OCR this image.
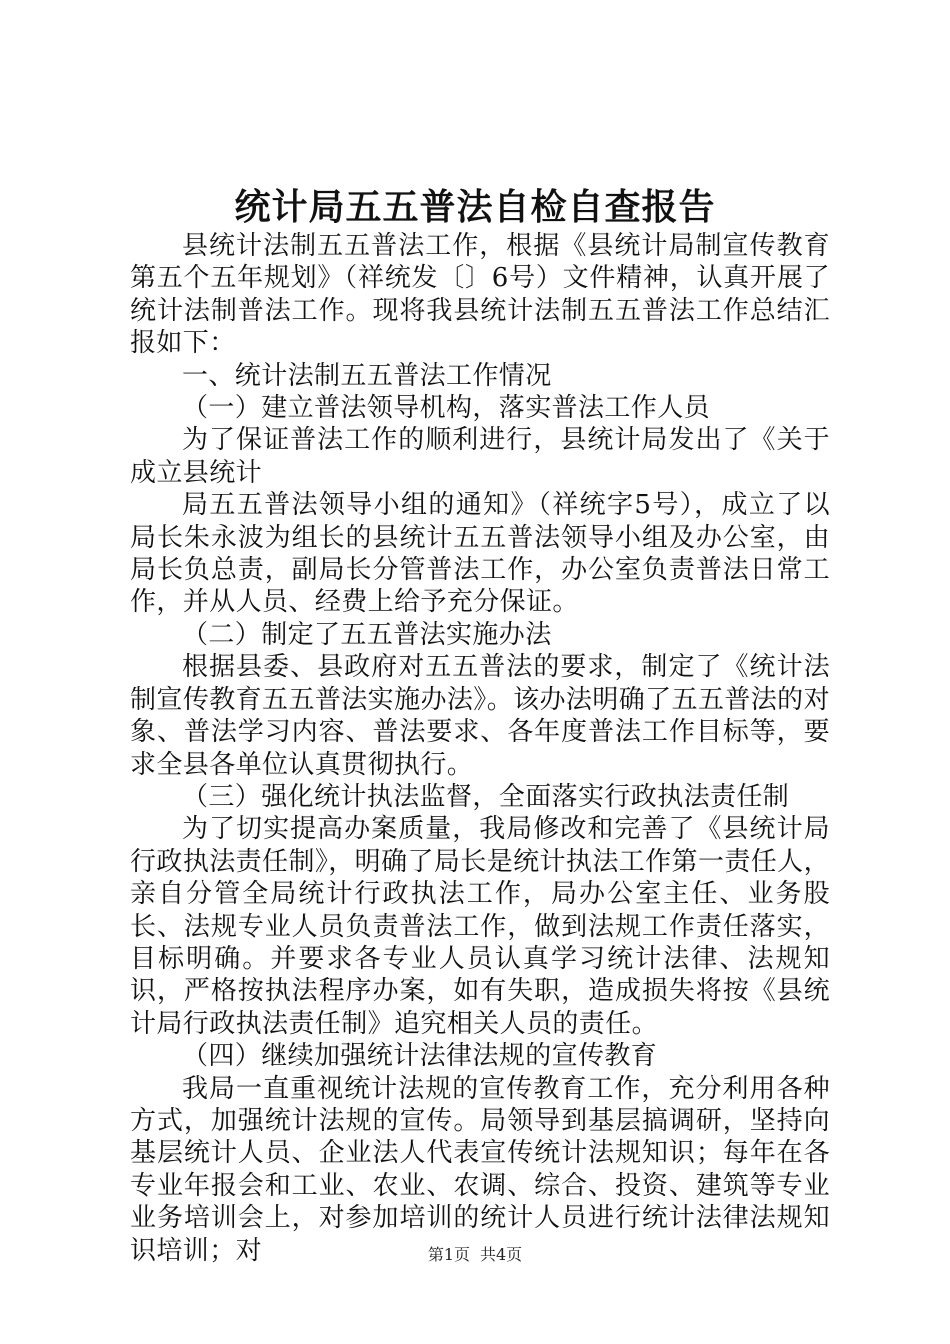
统计局五五普法自检自查报告

县统计法制五五普法工作，根据《县统计局制宣传教育第五个五年规划》（祥统发〔〕6号）文件精神，认真开展了统计法制普法工作。现将我县统计法制五五普法工作总结汇报如下：

一、统计法制五五普法工作情况

（一）建立普法领导机构，落实普法工作人员

为了保证普法工作的顺利进行，县统计局发出了《关于成立县统计

局五五普法领导小组的通知》（祥统字5号），成立了以局长朱永波为组长的县统计五五普法领导小组及办公室，由局长负总责，副局长分管普法工作，办公室负责普法日常工作，并从人员、经费上给予充分保证。

（二）制定了五五普法实施办法

根据县委、县政府对五五普法的要求，制定了《统计法制宣传教育五五普法实施办法》。该办法明确了五五普法的对象、普法学习内容、普法要求、各年度普法工作目标等，要求全县各单位认真贯彻执行。

（三）强化统计执法监督，全面落实行政执法责任制

为了切实提高办案质量，我局修改和完善了《县统计局行政执法责任制》，明确了局长是统计执法工作第一责任人，亲自分管全局统计行政执法工作，局办公室主任、业务股长、法规专业人员负责普法工作，做到法规工作责任落实，目标明确。并要求各专业人员认真学习统计法律、法规知识，严格按执法程序办案，如有失职，造成损失将按《县统计局行政执法责任制》追究相关人员的责任。

（四）继续加强统计法律法规的宣传教育

我局一直重视统计法规的宣传教育工作，充分利用各种方式，加强统计法规的宣传。局领导到基层搞调研，坚持向基层统计人员、企业法人代表宣传统计法规知识；每年在各专业年报会和工业、农业、农调、综合、投资、建筑等专业业务培训会上，对参加培训的统计人员进行统计法律法规知识培训；对	第1页 共4页
